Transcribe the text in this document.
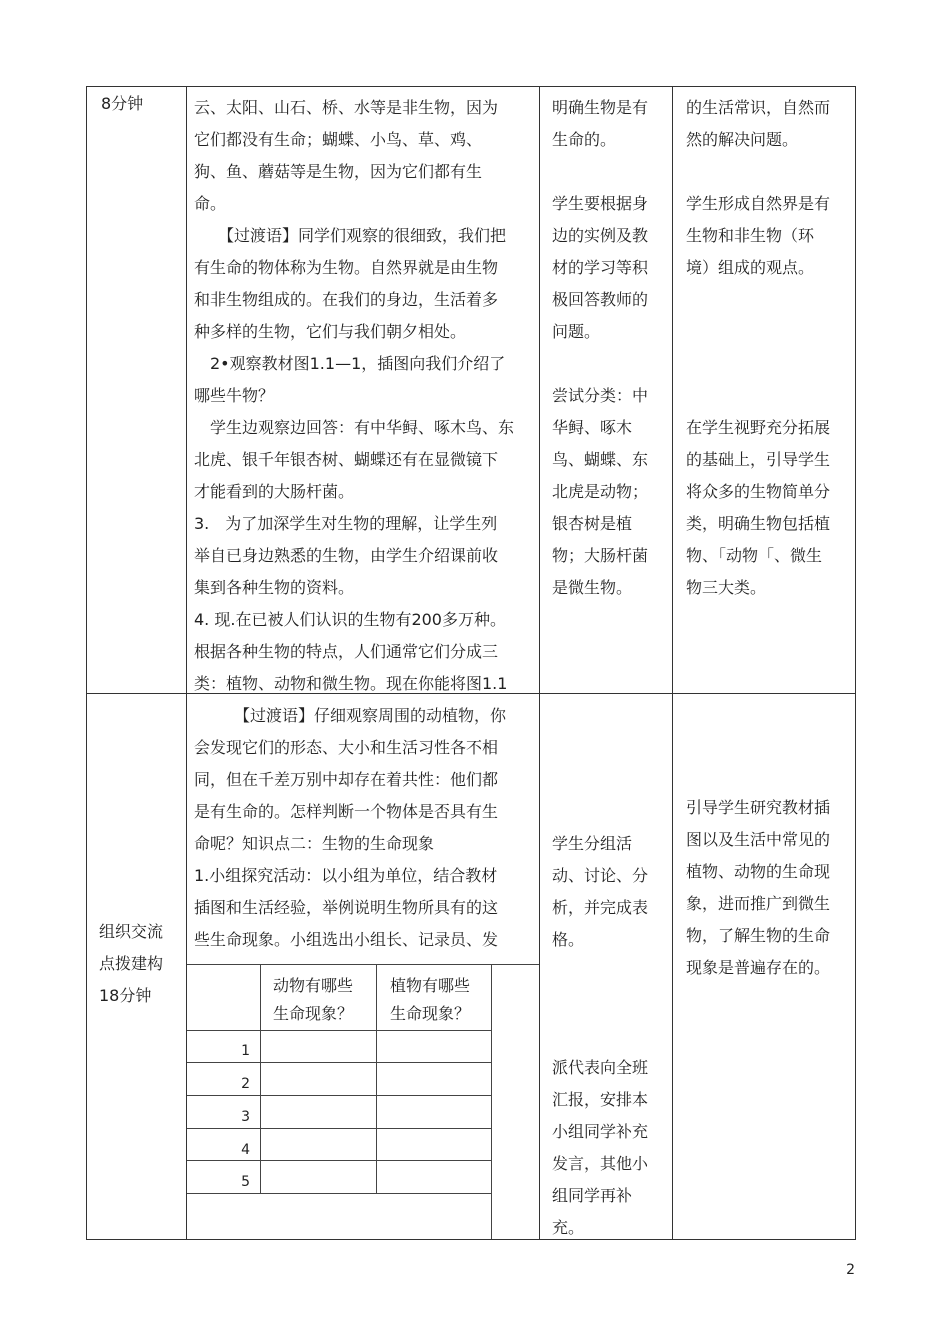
8分钟	云、太阳、山石、桥、水等是非生物，因为

它们都没有生命；蝴蝶、小鸟、草、鸡、

狗、鱼、蘑菇等是生物，因为它们都有生

命。

　　【过渡语】同学们观察的很细致，我们把

有生命的物体称为生物。自然界就是由生物

和非生物组成的。在我们的身边，生活着多

种多样的生物，它们与我们朝夕相处。

　2•观察教材图1.1—1，插图向我们介绍了

哪些牛物？

　学生边观察边回答：有中华鲟、啄木鸟、东

北虎、银千年银杏树、蝴蝶还有在显微镜下

才能看到的大肠杆菌。

3.　为了加深学生对生物的理解，让学生列

举自已身边熟悉的生物，由学生介绍课前收

集到各种生物的资料。

4. 现.在已被人们认识的生物有200多万种。

根据各种生物的特点，人们通常它们分成三

类：植物、动物和微生物。现在你能将图1.1

明确生物是有

生命的。

学生要根据身

边的实例及教

材的学习等积

极回答教师的

问题。

尝试分类：中

华鲟、啄木

鸟、蝴蝶、东

北虎是动物；

银杏树是植

物；大肠杆菌

是微生物。

的生活常识，自然而

然的解决问题。

学生形成自然界是有

生物和非生物（环

境）组成的观点。

在学生视野充分拓展

的基础上，引导学生

将众多的生物简单分

类，明确生物包括植

物、「动物「、微生

物三大类。

组织交流

点拨建构

18分钟

　　　【过渡语】仔细观察周围的动植物，你

会发现它们的形态、大小和生活习性各不相

同，但在千差万别中却存在着共性：他们都

是有生命的。怎样判断一个物体是否具有生

命呢？知识点二：生物的生命现象

1.小组探究活动：以小组为单位，结合教材

插图和生活经验，举例说明生物所具有的这

些生命现象。小组选出小组长、记录员、发

动物有哪些

生命现象？

植物有哪些

生命现象？

1
2
3
4
5

学生分组活

动、讨论、分

析，并完成表

格。

派代表向全班

汇报，安排本

小组同学补充

发言，其他小

组同学再补

充。

引导学生研究教材插

图以及生活中常见的

植物、动物的生命现

象，进而推广到微生

物，了解生物的生命

现象是普遍存在的。

2
